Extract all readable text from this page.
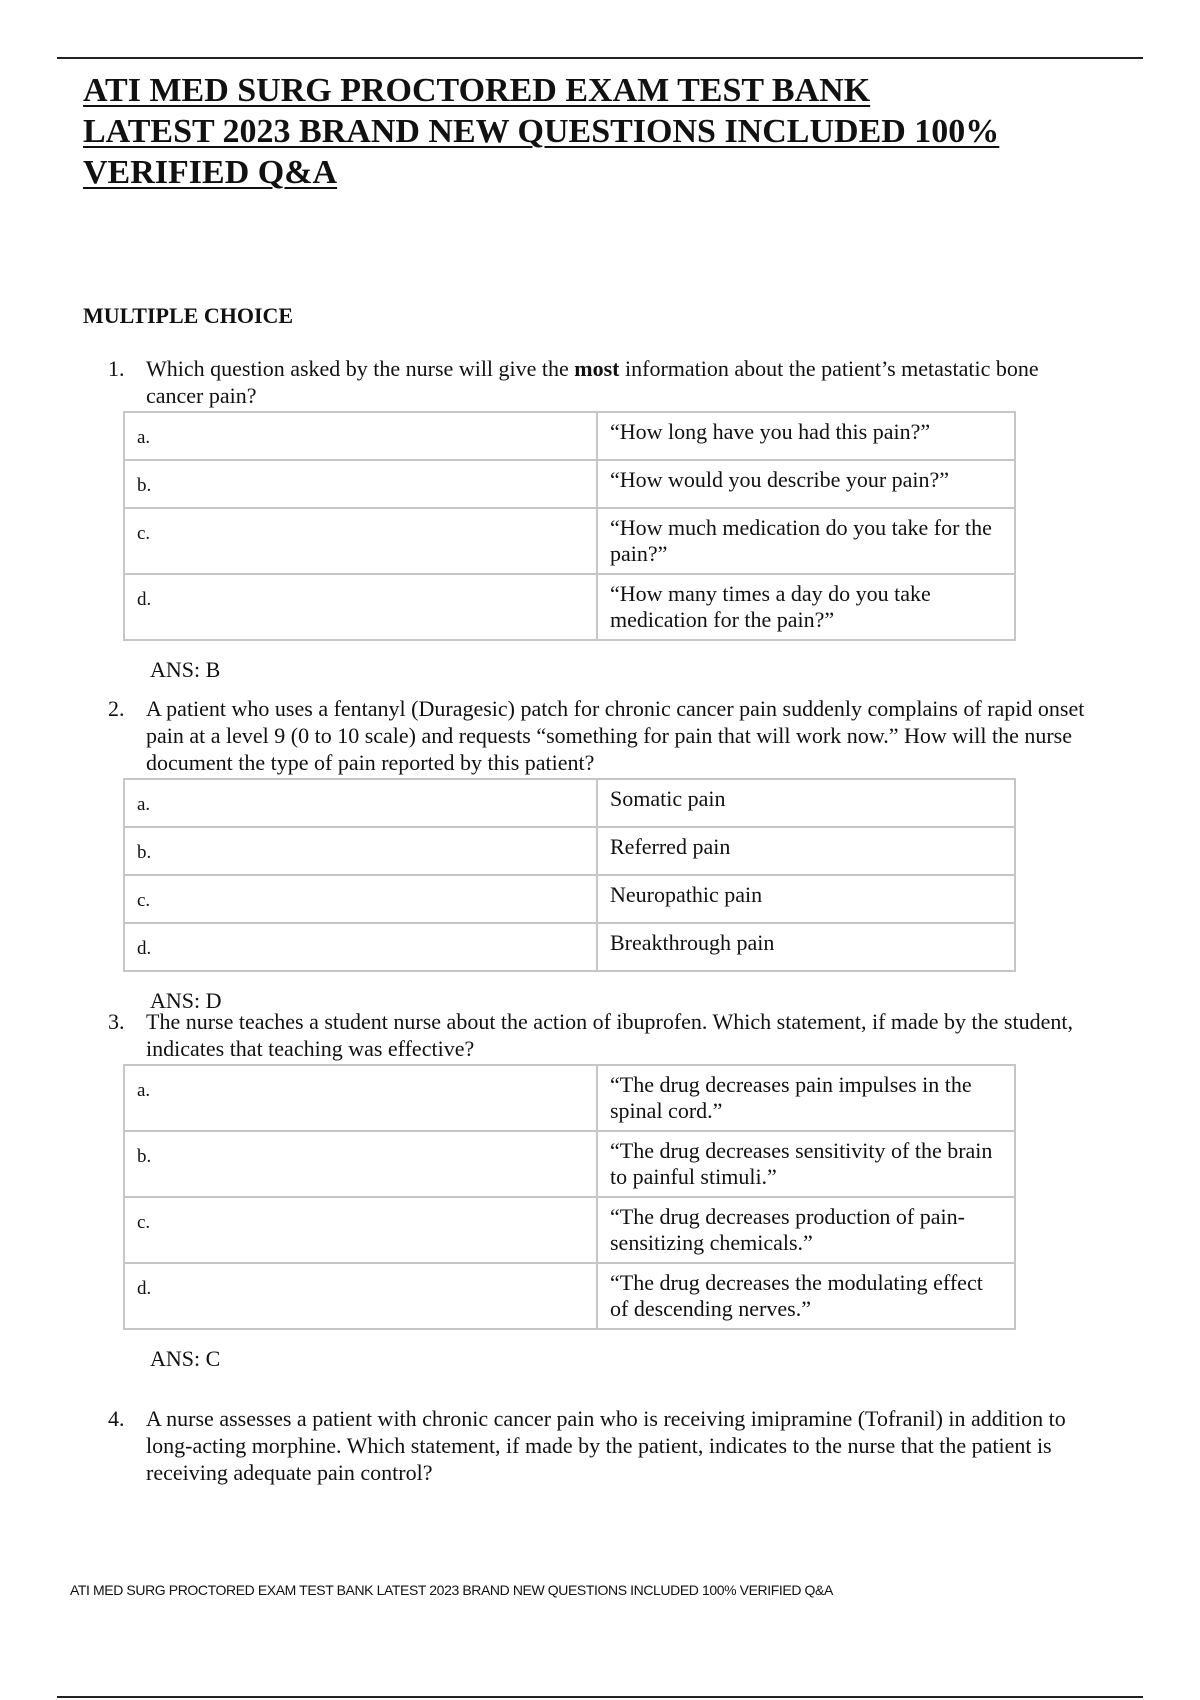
ATI MED SURG PROCTORED EXAM TEST BANK
LATEST 2023 BRAND NEW QUESTIONS INCLUDED 100%
VERIFIED Q&A
MULTIPLE CHOICE

1. Which question asked by the nurse will give the most information about the patient’s metastatic bone cancer pain?

a.	“How long have you had this pain?”
b.	“How would you describe your pain?”
c.	“How much medication do you take for the pain?”
d.	“How many times a day do you take medication for the pain?”
ANS: B

2. A patient who uses a fentanyl (Duragesic) patch for chronic cancer pain suddenly complains of rapid onset pain at a level 9 (0 to 10 scale) and requests “something for pain that will work now.” How will the nurse document the type of pain reported by this patient?

a.	Somatic pain
b.	Referred pain
c.	Neuropathic pain
d.	Breakthrough pain
ANS: D

3. The nurse teaches a student nurse about the action of ibuprofen. Which statement, if made by the student, indicates that teaching was effective?

a.	“The drug decreases pain impulses in the spinal cord.”
b.	“The drug decreases sensitivity of the brain to painful stimuli.”
c.	“The drug decreases production of pain-sensitizing chemicals.”
d.	“The drug decreases the modulating effect of descending nerves.”
ANS: C

4. A nurse assesses a patient with chronic cancer pain who is receiving imipramine (Tofranil) in addition to long-acting morphine. Which statement, if made by the patient, indicates to the nurse that the patient is receiving adequate pain control?

ATI MED SURG PROCTORED EXAM TEST BANK LATEST 2023 BRAND NEW QUESTIONS INCLUDED 100% VERIFIED Q&A
